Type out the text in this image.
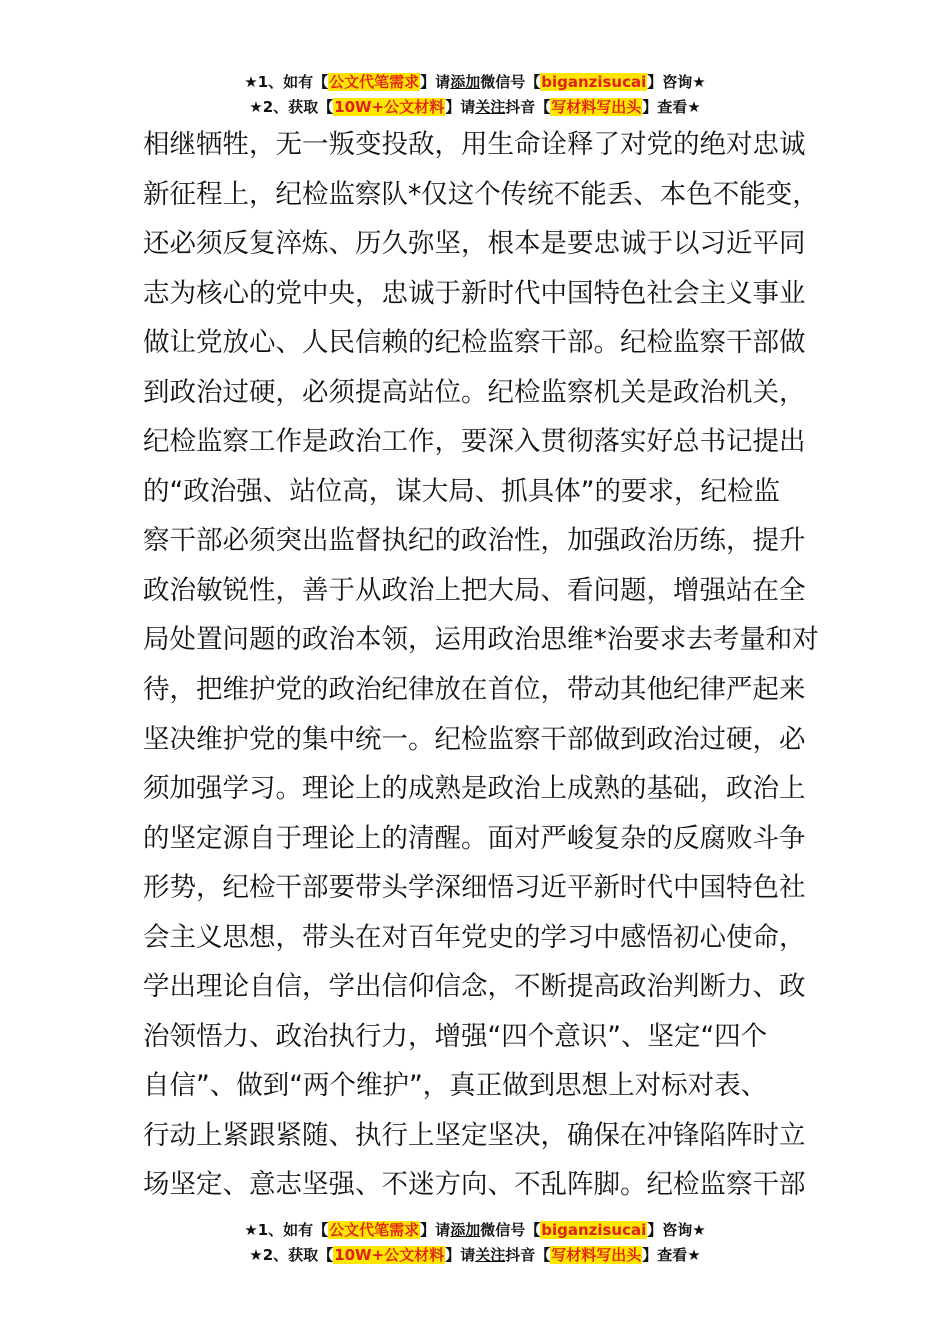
★1、如有【公文代笔需求】请添加微信号【biganzisucai】咨询★
★2、获取【10W+公文材料】请关注抖音【写材料写出头】查看★
相继牺牲，无一叛变投敌，用生命诠释了对党的绝对忠诚
新征程上，纪检监察队*仅这个传统不能丢、本色不能变，
还必须反复淬炼、历久弥坚，根本是要忠诚于以习近平同
志为核心的党中央，忠诚于新时代中国特色社会主义事业
做让党放心、人民信赖的纪检监察干部。纪检监察干部做
到政治过硬，必须提高站位。纪检监察机关是政治机关，
纪检监察工作是政治工作，要深入贯彻落实好总书记提出
的“政治强、站位高，谋大局、抓具体”的要求，纪检监
察干部必须突出监督执纪的政治性，加强政治历练，提升
政治敏锐性，善于从政治上把大局、看问题，增强站在全
局处置问题的政治本领，运用政治思维*治要求去考量和对
待，把维护党的政治纪律放在首位，带动其他纪律严起来
坚决维护党的集中统一。纪检监察干部做到政治过硬，必
须加强学习。理论上的成熟是政治上成熟的基础，政治上
的坚定源自于理论上的清醒。面对严峻复杂的反腐败斗争
形势，纪检干部要带头学深细悟习近平新时代中国特色社
会主义思想，带头在对百年党史的学习中感悟初心使命，
学出理论自信，学出信仰信念，不断提高政治判断力、政
治领悟力、政治执行力，增强“四个意识”、坚定“四个
自信”、做到“两个维护”，真正做到思想上对标对表、
行动上紧跟紧随、执行上坚定坚决，确保在冲锋陷阵时立
场坚定、意志坚强、不迷方向、不乱阵脚。纪检监察干部
★1、如有【公文代笔需求】请添加微信号【biganzisucai】咨询★
★2、获取【10W+公文材料】请关注抖音【写材料写出头】查看★
